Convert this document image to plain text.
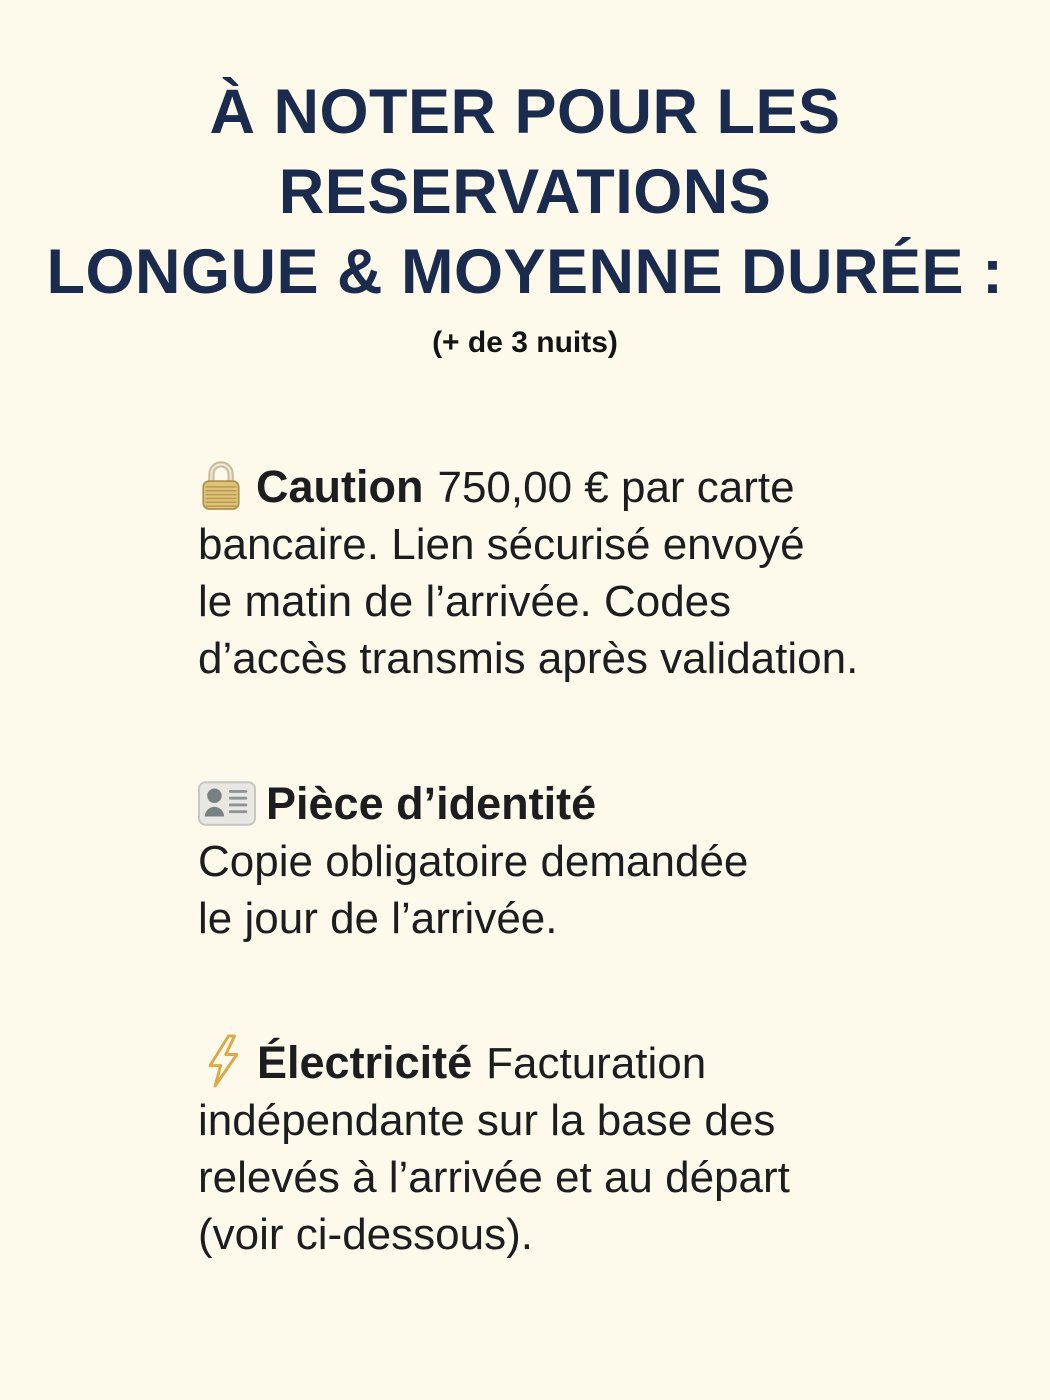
À NOTER POUR LES
RESERVATIONS
LONGUE & MOYENNE DURÉE :
(+ de 3 nuits)

Caution 750,00 € par carte

bancaire. Lien sécurisé envoyé

le matin de l’arrivée. Codes

d’accès transmis après validation.

Pièce d’identité

Copie obligatoire demandée

le jour de l’arrivée.

Électricité Facturation

indépendante sur la base des

relevés à l’arrivée et au départ

(voir ci-dessous).
